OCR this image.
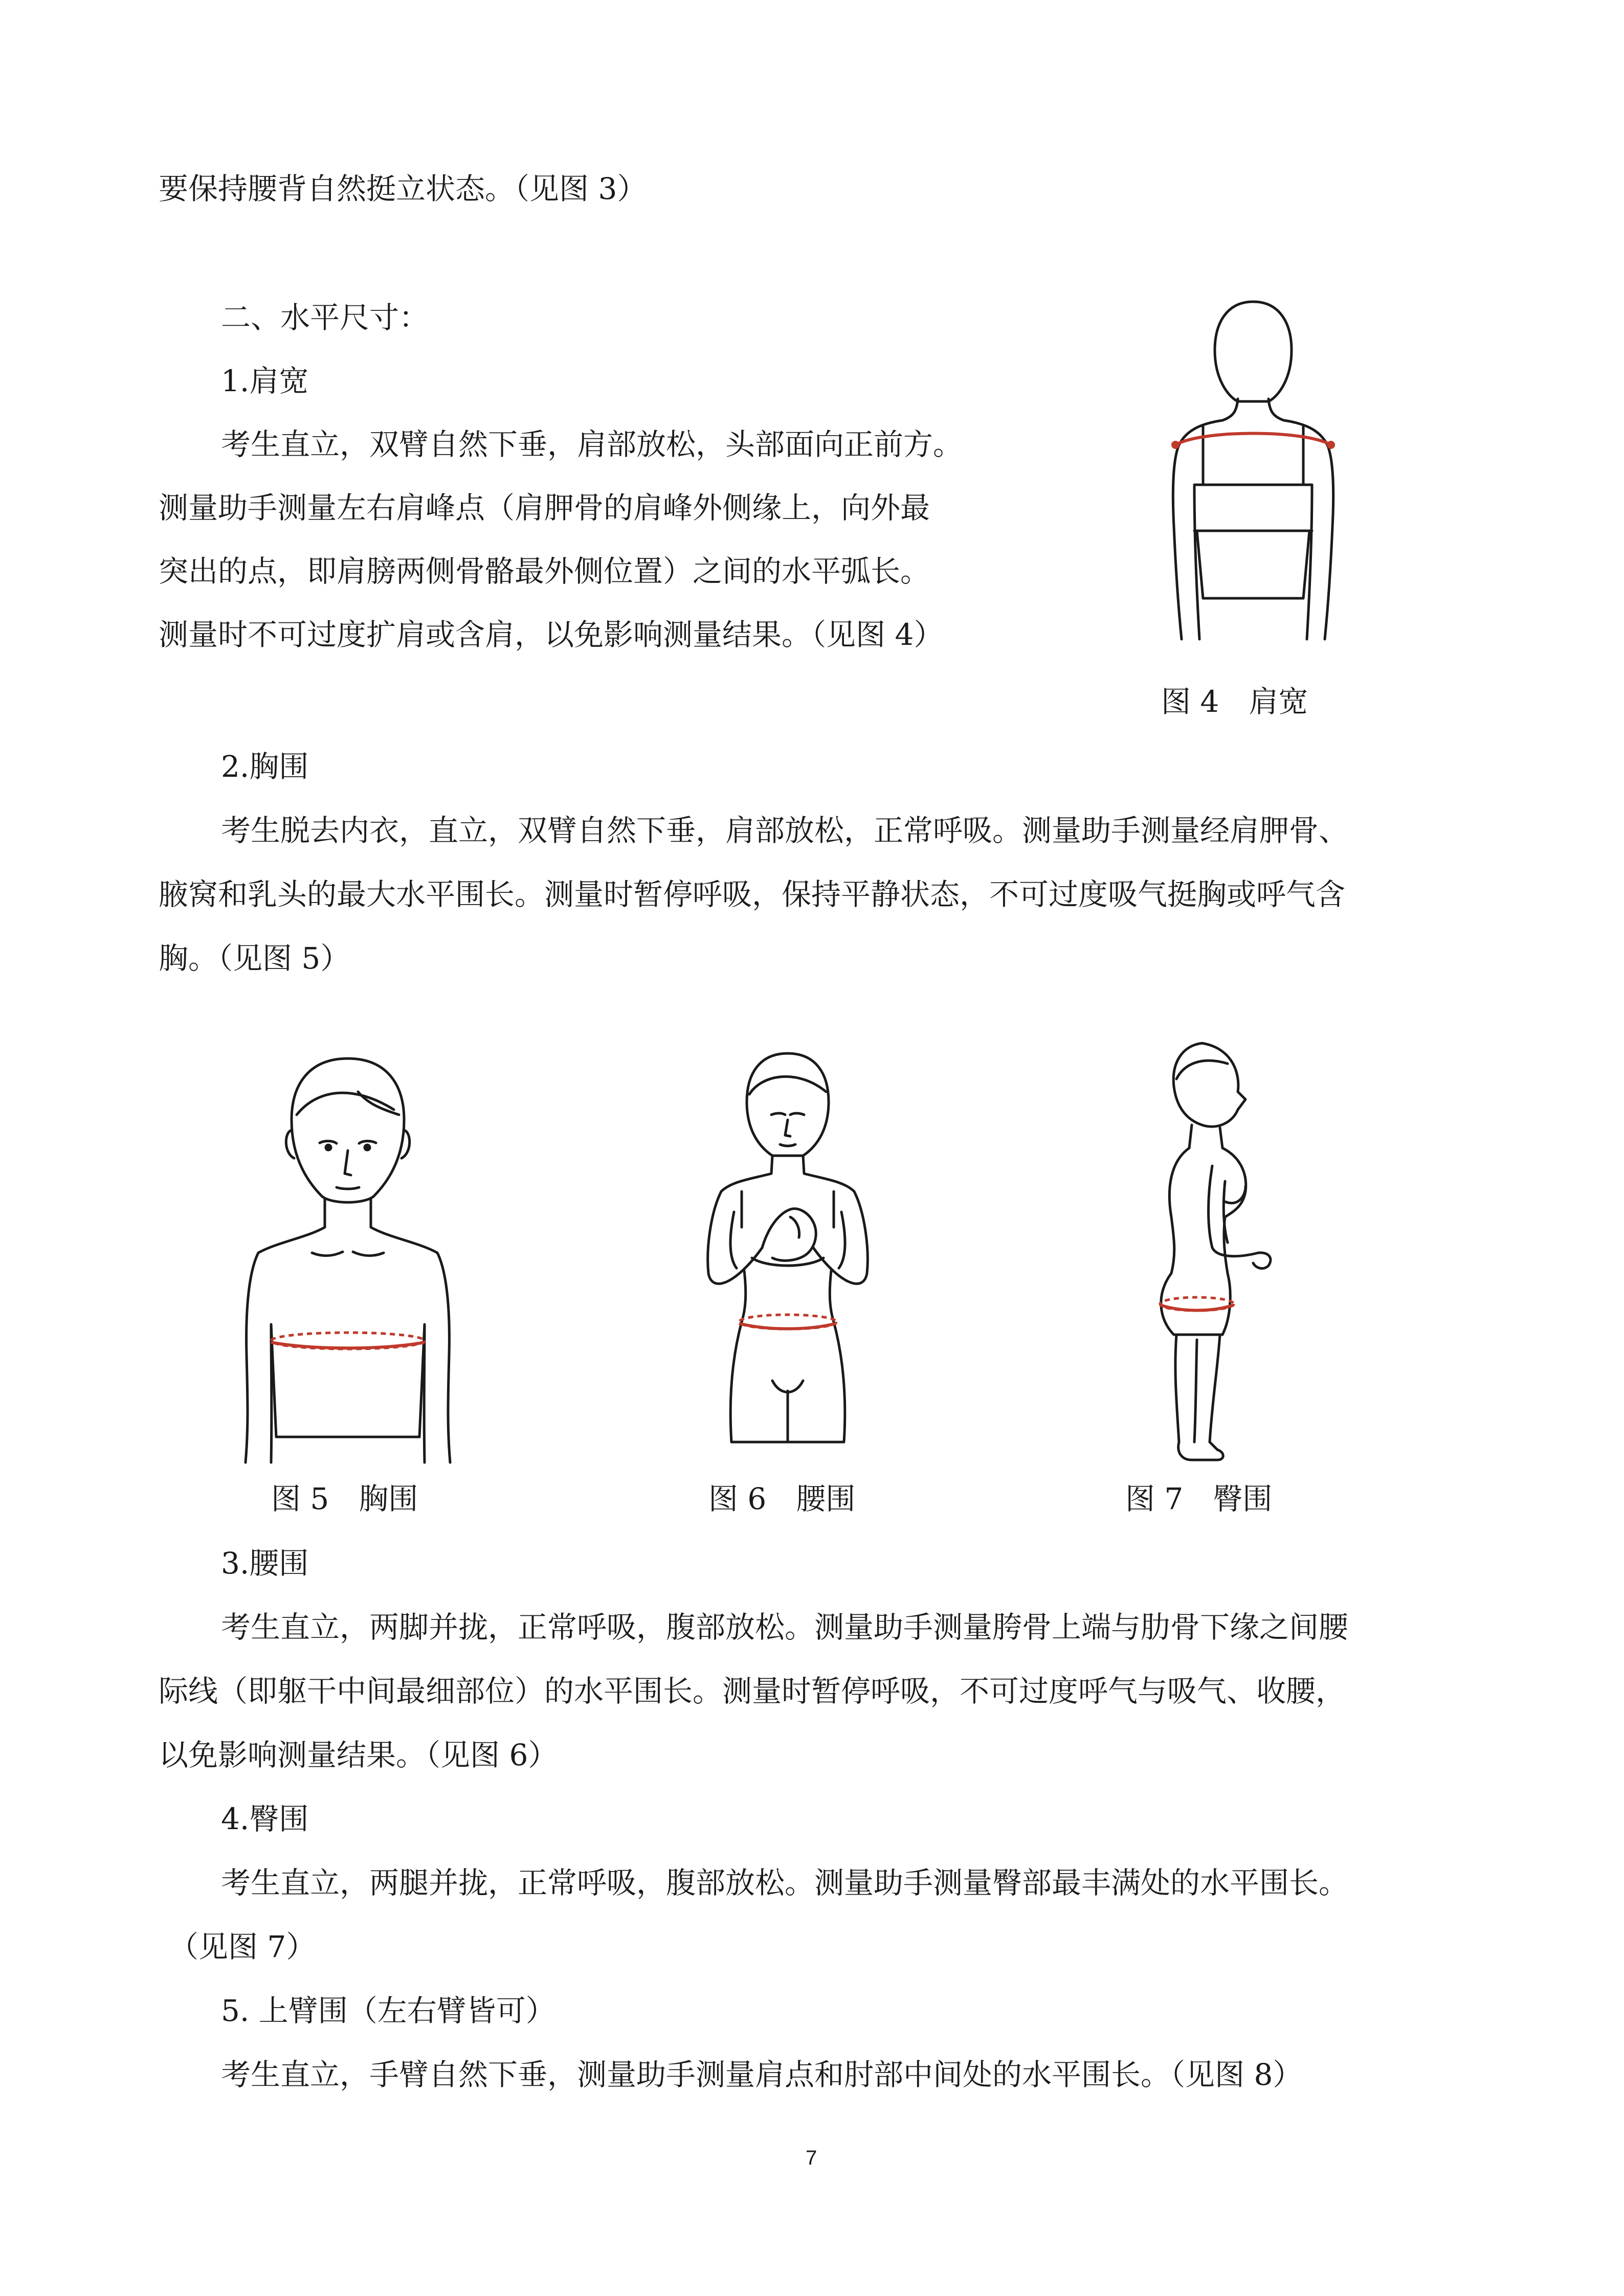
要保持腰背自然挺立状态。（见图 3）
二、水平尺寸：
1.肩宽
考生直立，双臂自然下垂，肩部放松，头部面向正前方。
测量助手测量左右肩峰点（肩胛骨的肩峰外侧缘上，向外最
突出的点，即肩膀两侧骨骼最外侧位置）之间的水平弧长。
测量时不可过度扩肩或含肩，以免影响测量结果。（见图 4）
图 4　肩宽
2.胸围
考生脱去内衣，直立，双臂自然下垂，肩部放松，正常呼吸。测量助手测量经肩胛骨、
腋窝和乳头的最大水平围长。测量时暂停呼吸，保持平静状态，不可过度吸气挺胸或呼气含
胸。（见图 5）
图 5　胸围	图 6　腰围	图 7　臀围
3.腰围
考生直立，两脚并拢，正常呼吸，腹部放松。测量助手测量胯骨上端与肋骨下缘之间腰
际线（即躯干中间最细部位）的水平围长。测量时暂停呼吸，不可过度呼气与吸气、收腰，
以免影响测量结果。（见图 6）
4.臀围
考生直立，两腿并拢，正常呼吸，腹部放松。测量助手测量臀部最丰满处的水平围长。
（见图 7）
5. 上臂围（左右臂皆可）
考生直立，手臂自然下垂，测量助手测量肩点和肘部中间处的水平围长。（见图 8）
7
